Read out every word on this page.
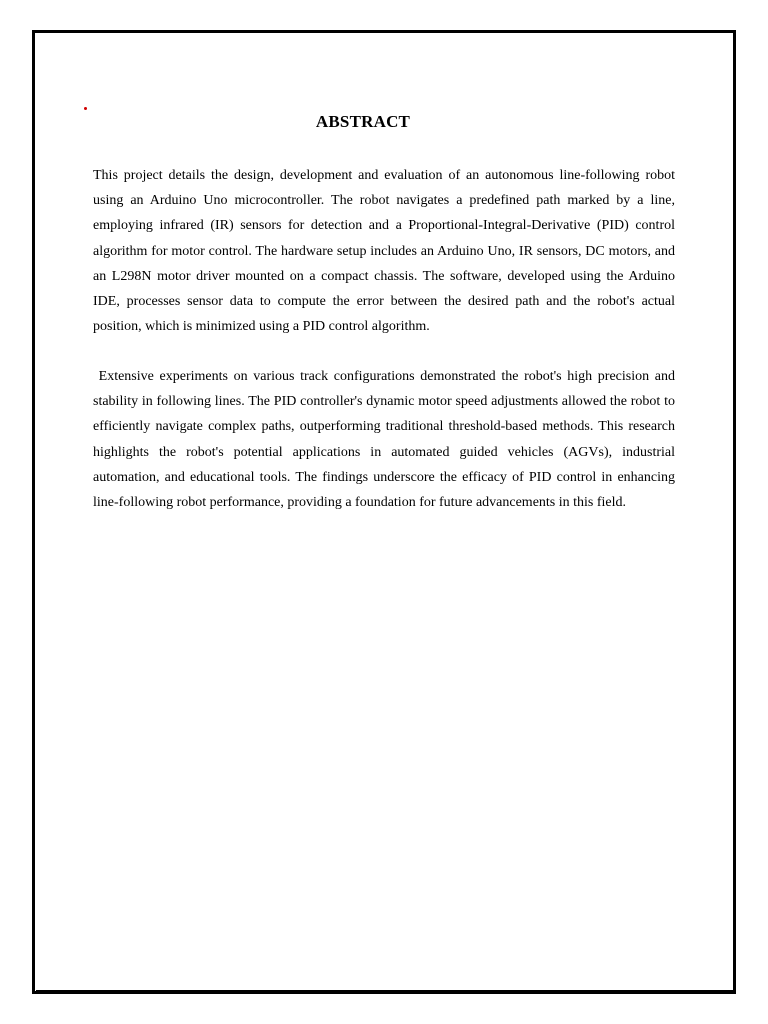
ABSTRACT

This project details the design, development and evaluation of an autonomous line-following robot using an Arduino Uno microcontroller. The robot navigates a predefined path marked by a line, employing infrared (IR) sensors for detection and a Proportional-Integral-Derivative (PID) control algorithm for motor control. The hardware setup includes an Arduino Uno, IR sensors, DC motors, and an L298N motor driver mounted on a compact chassis. The software, developed using the Arduino IDE, processes sensor data to compute the error between the desired path and the robot's actual position, which is minimized using a PID control algorithm.

Extensive experiments on various track configurations demonstrated the robot's high precision and stability in following lines. The PID controller's dynamic motor speed adjustments allowed the robot to efficiently navigate complex paths, outperforming traditional threshold-based methods. This research highlights the robot's potential applications in automated guided vehicles (AGVs), industrial automation, and educational tools. The findings underscore the efficacy of PID control in enhancing line-following robot performance, providing a foundation for future advancements in this field.
